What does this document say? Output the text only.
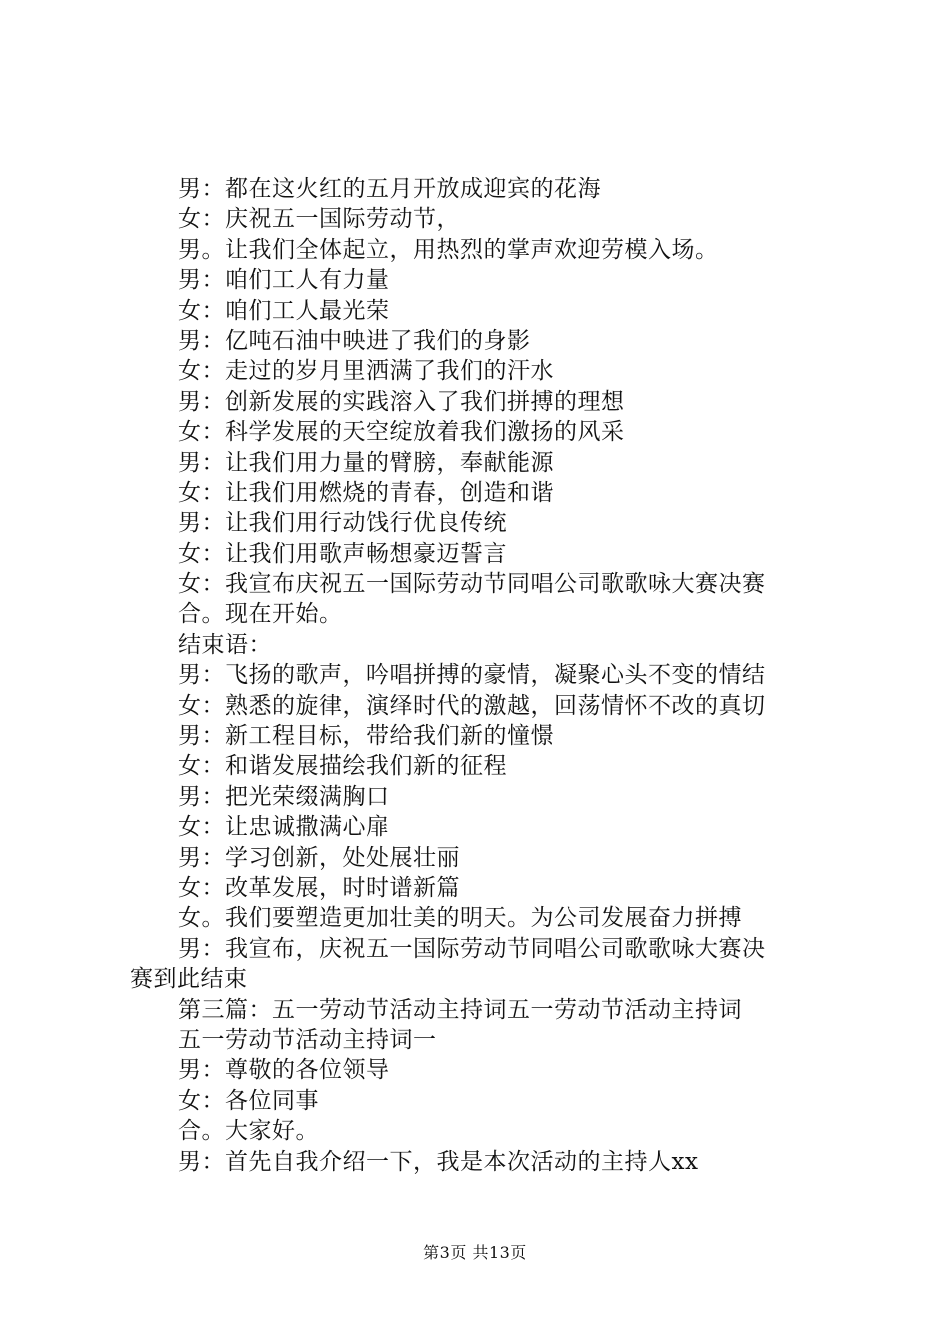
男：都在这火红的五月开放成迎宾的花海
女：庆祝五一国际劳动节，
男。让我们全体起立，用热烈的掌声欢迎劳模入场。
男：咱们工人有力量
女：咱们工人最光荣
男：亿吨石油中映进了我们的身影
女：走过的岁月里洒满了我们的汗水
男：创新发展的实践溶入了我们拼搏的理想
女：科学发展的天空绽放着我们激扬的风采
男：让我们用力量的臂膀，奉献能源
女：让我们用燃烧的青春，创造和谐
男：让我们用行动饯行优良传统
女：让我们用歌声畅想豪迈誓言
女：我宣布庆祝五一国际劳动节同唱公司歌歌咏大赛决赛
合。现在开始。
结束语：
男：飞扬的歌声，吟唱拼搏的豪情，凝聚心头不变的情结
女：熟悉的旋律，演绎时代的激越，回荡情怀不改的真切
男：新工程目标，带给我们新的憧憬
女：和谐发展描绘我们新的征程
男：把光荣缀满胸口
女：让忠诚撒满心扉
男：学习创新，处处展壮丽
女：改革发展，时时谱新篇
女。我们要塑造更加壮美的明天。为公司发展奋力拼搏
男：我宣布，庆祝五一国际劳动节同唱公司歌歌咏大赛决
赛到此结束
第三篇：五一劳动节活动主持词五一劳动节活动主持词
五一劳动节活动主持词一
男：尊敬的各位领导
女：各位同事
合。大家好。
男：首先自我介绍一下，我是本次活动的主持人xx
第3页 共13页
